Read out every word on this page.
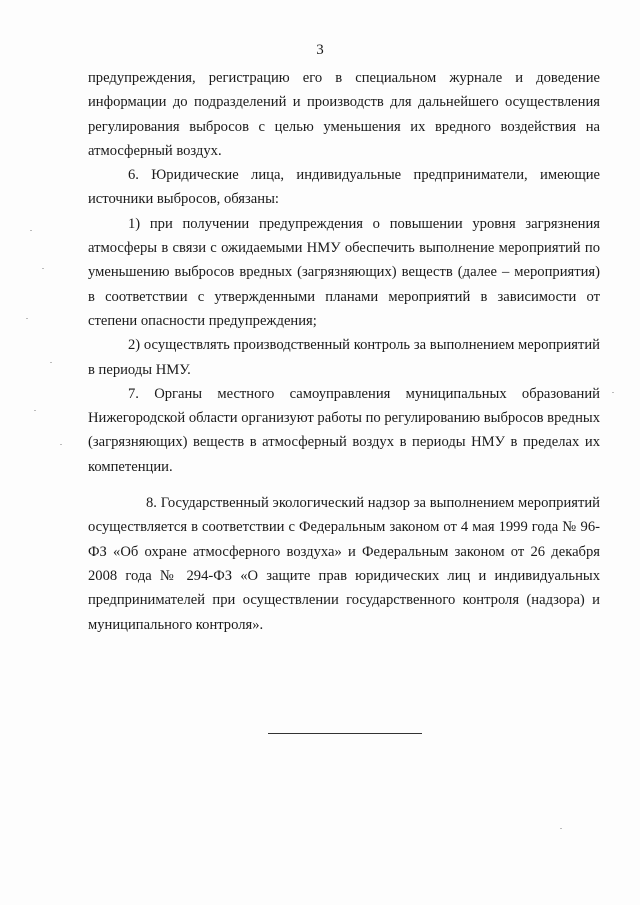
3

предупреждения, регистрацию его в специальном журнале и доведение информации до подразделений и производств для дальнейшего осуществления регулирования выбросов с целью уменьшения их вредного воздействия на атмосферный воздух.

6. Юридические лица, индивидуальные предприниматели, имеющие источники выбросов, обязаны:

1) при получении предупреждения о повышении уровня загрязнения атмосферы в связи с ожидаемыми НМУ обеспечить выполнение мероприятий по уменьшению выбросов вредных (загрязняющих) веществ (далее – мероприятия) в соответствии с утвержденными планами мероприятий в зависимости от степени опасности предупреждения;

2) осуществлять производственный контроль за выполнением мероприятий в периоды НМУ.

7. Органы местного самоуправления муниципальных образований Нижегородской области организуют работы по регулированию выбросов вредных (загрязняющих) веществ в атмосферный воздух в периоды НМУ в пределах их компетенции.

8. Государственный экологический надзор за выполнением мероприятий осуществляется в соответствии с Федеральным законом от 4 мая 1999 года № 96-ФЗ «Об охране атмосферного воздуха» и Федеральным законом от 26 декабря 2008 года № 294-ФЗ «О защите прав юридических лиц и индивидуальных предпринимателей при осуществлении государственного контроля (надзора) и муниципального контроля».
